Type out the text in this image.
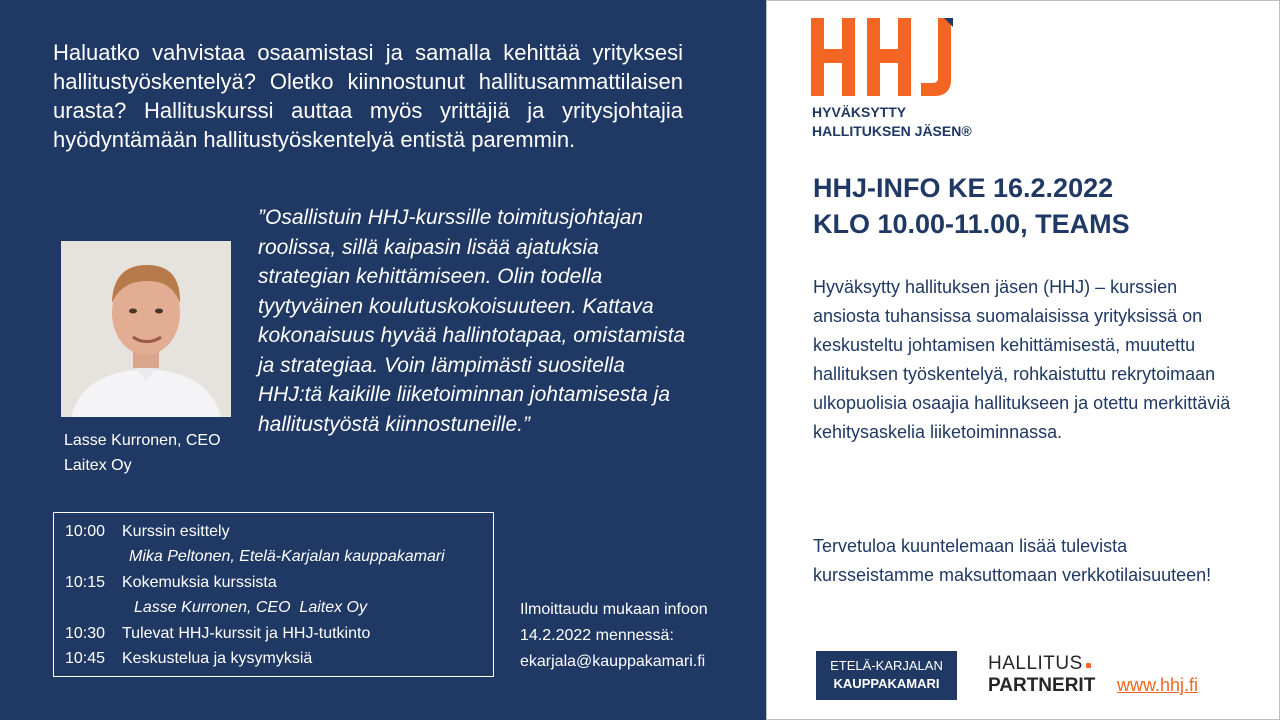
Haluatko vahvistaa osaamistasi ja samalla kehittää yrityksesi hallitustyöskentelyä? Oletko kiinnostunut hallitusammattilaisen urasta? Hallituskurssi auttaa myös yrittäjiä ja yritysjohtajia hyödyntämään hallitustyöskentelyä entistä paremmin.

Lasse Kurronen, CEO
Laitex Oy

”Osallistuin HHJ-kurssille toimitusjohtajan roolissa, sillä kaipasin lisää ajatuksia strategian kehittämiseen. Olin todella tyytyväinen koulutuskokoisuuteen. Kattava kokonaisuus hyvää hallintotapaa, omistamista ja strategiaa. Voin lämpimästi suositella HHJ:tä kaikille liiketoiminnan johtamisesta ja hallitustyöstä kiinnostuneille.”

10:00	Kurssin esittely
Mika Peltonen, Etelä-Karjalan kauppakamari
10:15	Kokemuksia kurssista
Lasse Kurronen, CEO  Laitex Oy
10:30	Tulevat HHJ-kurssit ja HHJ-tutkinto
10:45	Keskustelua ja kysymyksiä
Ilmoittaudu mukaan infoon
14.2.2022 mennessä:
ekarjala@kauppakamari.fi
HYVÄKSYTTY
HALLITUKSEN JÄSEN®
HHJ-INFO KE 16.2.2022
KLO 10.00-11.00, TEAMS

Hyväksytty hallituksen jäsen (HHJ) – kurssien ansiosta tuhansissa suomalaisissa yrityksissä on keskusteltu johtamisen kehittämisestä, muutettu hallituksen työskentelyä, rohkaistuttu rekrytoimaan ulkopuolisia osaajia hallitukseen ja otettu merkittäviä kehitysaskelia liiketoiminnassa.

Tervetuloa kuuntelemaan lisää tulevista kursseistamme maksuttomaan verkkotilaisuuteen!

ETELÄ-KARJALAN
KAUPPAKAMARI
HALLITUS
PARTNERIT www.hhj.fi
